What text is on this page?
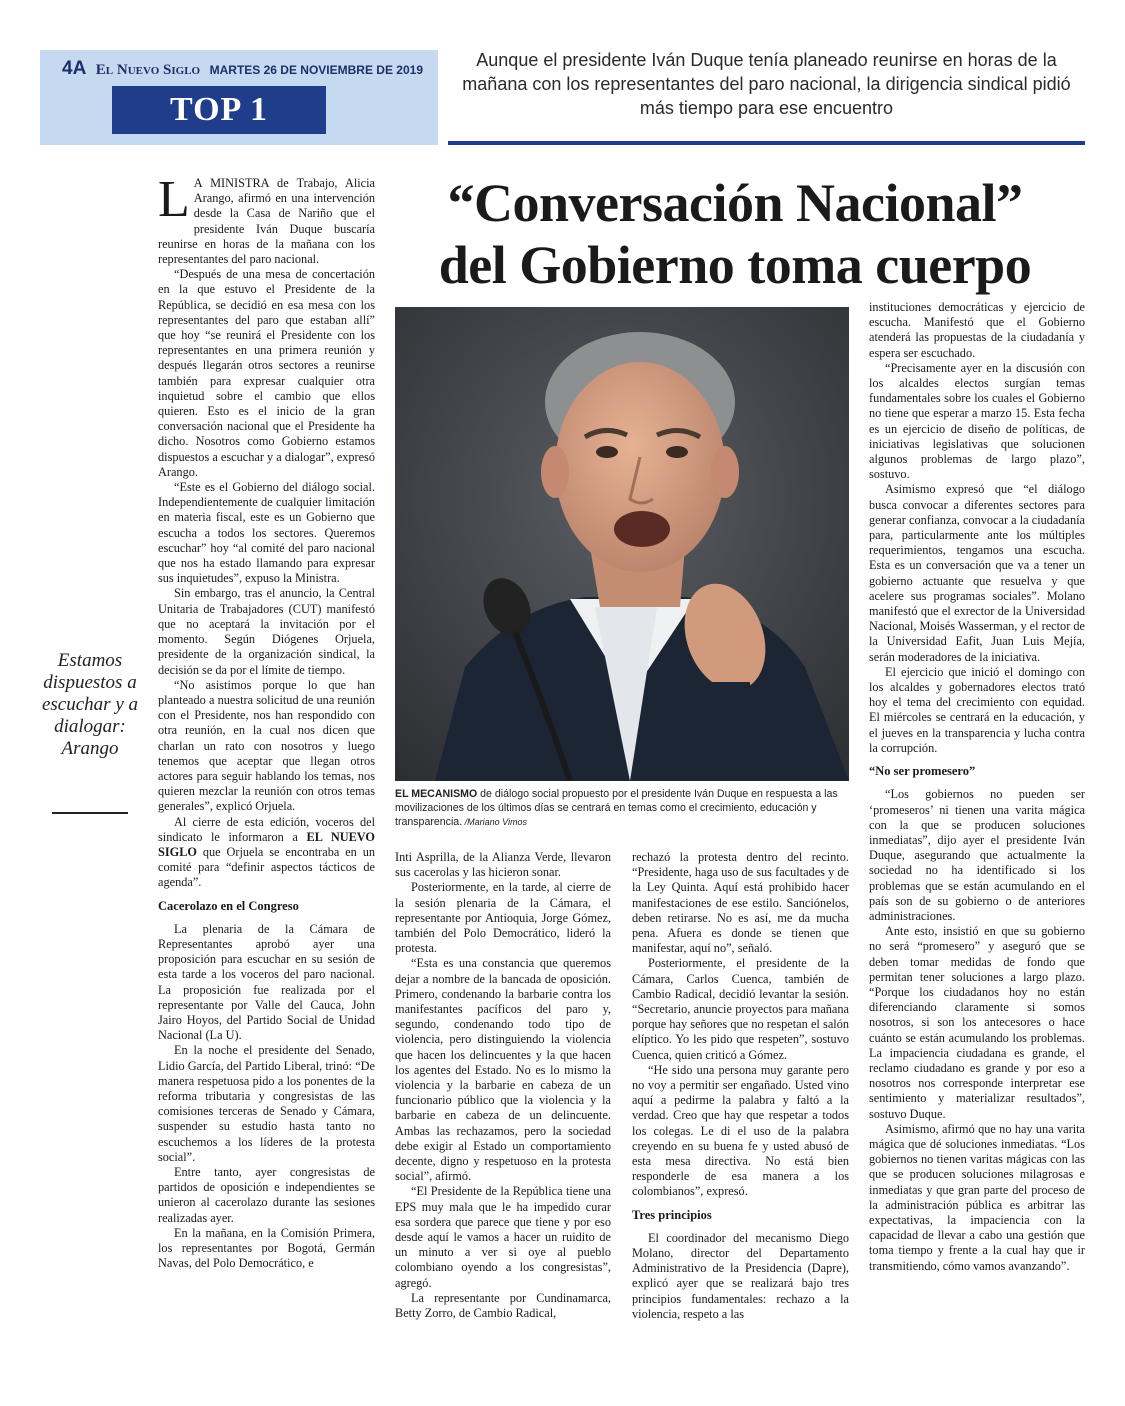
4A El Nuevo Siglo MARTES 26 DE NOVIEMBRE DE 2019
TOP 1
Aunque el presidente Iván Duque tenía planeado reunirse en horas de la mañana con los representantes del paro nacional, la dirigencia sindical pidió más tiempo para ese encuentro
“Conversación Nacional”
del Gobierno toma cuerpo
Estamos dispuestos a escuchar y a dialogar: Arango

L A MINISTRA de Trabajo, Alicia Arango, afirmó en una intervención desde la Casa de Nariño que el presidente Iván Duque buscaría reunirse en horas de la mañana con los representantes del paro nacional.

“Después de una mesa de concertación en la que estuvo el Presidente de la República, se decidió en esa mesa con los representantes del paro que estaban allí” que hoy “se reunirá el Presidente con los representantes en una primera reunión y después llegarán otros sectores a reunirse también para expresar cualquier otra inquietud sobre el cambio que ellos quieren. Esto es el inicio de la gran conversación nacional que el Presidente ha dicho. Nosotros como Gobierno estamos dispuestos a escuchar y a dialogar”, expresó Arango.

“Este es el Gobierno del diálogo social. Independientemente de cualquier limitación en materia fiscal, este es un Gobierno que escucha a todos los sectores. Queremos escuchar” hoy “al comité del paro nacional que nos ha estado llamando para expresar sus inquietudes”, expuso la Ministra.

Sin embargo, tras el anuncio, la Central Unitaria de Trabajadores (CUT) manifestó que no aceptará la invitación por el momento. Según Diógenes Orjuela, presidente de la organización sindical, la decisión se da por el límite de tiempo.

“No asistimos porque lo que han planteado a nuestra solicitud de una reunión con el Presidente, nos han respondido con otra reunión, en la cual nos dicen que charlan un rato con nosotros y luego tenemos que aceptar que llegan otros actores para seguir hablando los temas, nos quieren mezclar la reunión con otros temas generales”, explicó Orjuela.

Al cierre de esta edición, voceros del sindicato le informaron a EL NUEVO SIGLO que Orjuela se encontraba en un comité para “definir aspectos tácticos de agenda”.

Cacerolazo en el Congreso

La plenaria de la Cámara de Representantes aprobó ayer una proposición para escuchar en su sesión de esta tarde a los voceros del paro nacional. La proposición fue realizada por el representante por Valle del Cauca, John Jairo Hoyos, del Partido Social de Unidad Nacional (La U).

En la noche el presidente del Senado, Lidio García, del Partido Liberal, trinó: “De manera respetuosa pido a los ponentes de la reforma tributaria y congresistas de las comisiones terceras de Senado y Cámara, suspender su estudio hasta tanto no escuchemos a los líderes de la protesta social”.

Entre tanto, ayer congresistas de partidos de oposición e independientes se unieron al cacerolazo durante las sesiones realizadas ayer.

En la mañana, en la Comisión Primera, los representantes por Bogotá, Germán Navas, del Polo Democrático, e

EL MECANISMO de diálogo social propuesto por el presidente Iván Duque en respuesta a las movilizaciones de los últimos días se centrará en temas como el crecimiento, educación y transparencia. /Mariano Vimos

Inti Asprilla, de la Alianza Verde, llevaron sus cacerolas y las hicieron sonar.

Posteriormente, en la tarde, al cierre de la sesión plenaria de la Cámara, el representante por Antioquia, Jorge Gómez, también del Polo Democrático, lideró la protesta.

“Esta es una constancia que queremos dejar a nombre de la bancada de oposición. Primero, condenando la barbarie contra los manifestantes pacíficos del paro y, segundo, condenando todo tipo de violencia, pero distinguiendo la violencia que hacen los delincuentes y la que hacen los agentes del Estado. No es lo mismo la violencia y la barbarie en cabeza de un funcionario público que la violencia y la barbarie en cabeza de un delincuente. Ambas las rechazamos, pero la sociedad debe exigir al Estado un comportamiento decente, digno y respetuoso en la protesta social”, afirmó.

“El Presidente de la República tiene una EPS muy mala que le ha impedido curar esa sordera que parece que tiene y por eso desde aquí le vamos a hacer un ruidito de un minuto a ver si oye al pueblo colombiano oyendo a los congresistas”, agregó.

La representante por Cundinamarca, Betty Zorro, de Cambio Radical,

rechazó la protesta dentro del recinto. “Presidente, haga uso de sus facultades y de la Ley Quinta. Aquí está prohibido hacer manifestaciones de ese estilo. Sanciónelos, deben retirarse. No es así, me da mucha pena. Afuera es donde se tienen que manifestar, aquí no”, señaló.

Posteriormente, el presidente de la Cámara, Carlos Cuenca, también de Cambio Radical, decidió levantar la sesión. “Secretario, anuncie proyectos para mañana porque hay señores que no respetan el salón elíptico. Yo les pido que respeten”, sostuvo Cuenca, quien criticó a Gómez.

“He sido una persona muy garante pero no voy a permitir ser engañado. Usted vino aquí a pedirme la palabra y faltó a la verdad. Creo que hay que respetar a todos los colegas. Le di el uso de la palabra creyendo en su buena fe y usted abusó de esta mesa directiva. No está bien responderle de esa manera a los colombianos”, expresó.

Tres principios

El coordinador del mecanismo Diego Molano, director del Departamento Administrativo de la Presidencia (Dapre), explicó ayer que se realizará bajo tres principios fundamentales: rechazo a la violencia, respeto a las

instituciones democráticas y ejercicio de escucha. Manifestó que el Gobierno atenderá las propuestas de la ciudadanía y espera ser escuchado.

“Precisamente ayer en la discusión con los alcaldes electos surgían temas fundamentales sobre los cuales el Gobierno no tiene que esperar a marzo 15. Esta fecha es un ejercicio de diseño de políticas, de iniciativas legislativas que solucionen algunos problemas de largo plazo”, sostuvo.

Asimismo expresó que “el diálogo busca convocar a diferentes sectores para generar confianza, convocar a la ciudadanía para, particularmente ante los múltiples requerimientos, tengamos una escucha. Esta es un conversación que va a tener un gobierno actuante que resuelva y que acelere sus programas sociales”. Molano manifestó que el exrector de la Universidad Nacional, Moisés Wasserman, y el rector de la Universidad Eafit, Juan Luis Mejía, serán moderadores de la iniciativa.

El ejercicio que inició el domingo con los alcaldes y gobernadores electos trató hoy el tema del crecimiento con equidad. El miércoles se centrará en la educación, y el jueves en la transparencia y lucha contra la corrupción.

“No ser promesero”

“Los gobiernos no pueden ser ‘promeseros’ ni tienen una varita mágica con la que se producen soluciones inmediatas”, dijo ayer el presidente Iván Duque, asegurando que actualmente la sociedad no ha identificado si los problemas que se están acumulando en el país son de su gobierno o de anteriores administraciones.

Ante esto, insistió en que su gobierno no será “promesero” y aseguró que se deben tomar medidas de fondo que permitan tener soluciones a largo plazo. “Porque los ciudadanos hoy no están diferenciando claramente si somos nosotros, si son los antecesores o hace cuánto se están acumulando los problemas. La impaciencia ciudadana es grande, el reclamo ciudadano es grande y por eso a nosotros nos corresponde interpretar ese sentimiento y materializar resultados”, sostuvo Duque.

Asimismo, afirmó que no hay una varita mágica que dé soluciones inmediatas. “Los gobiernos no tienen varitas mágicas con las que se producen soluciones milagrosas e inmediatas y que gran parte del proceso de la administración pública es arbitrar las expectativas, la impaciencia con la capacidad de llevar a cabo una gestión que toma tiempo y frente a la cual hay que ir transmitiendo, cómo vamos avanzando”.
